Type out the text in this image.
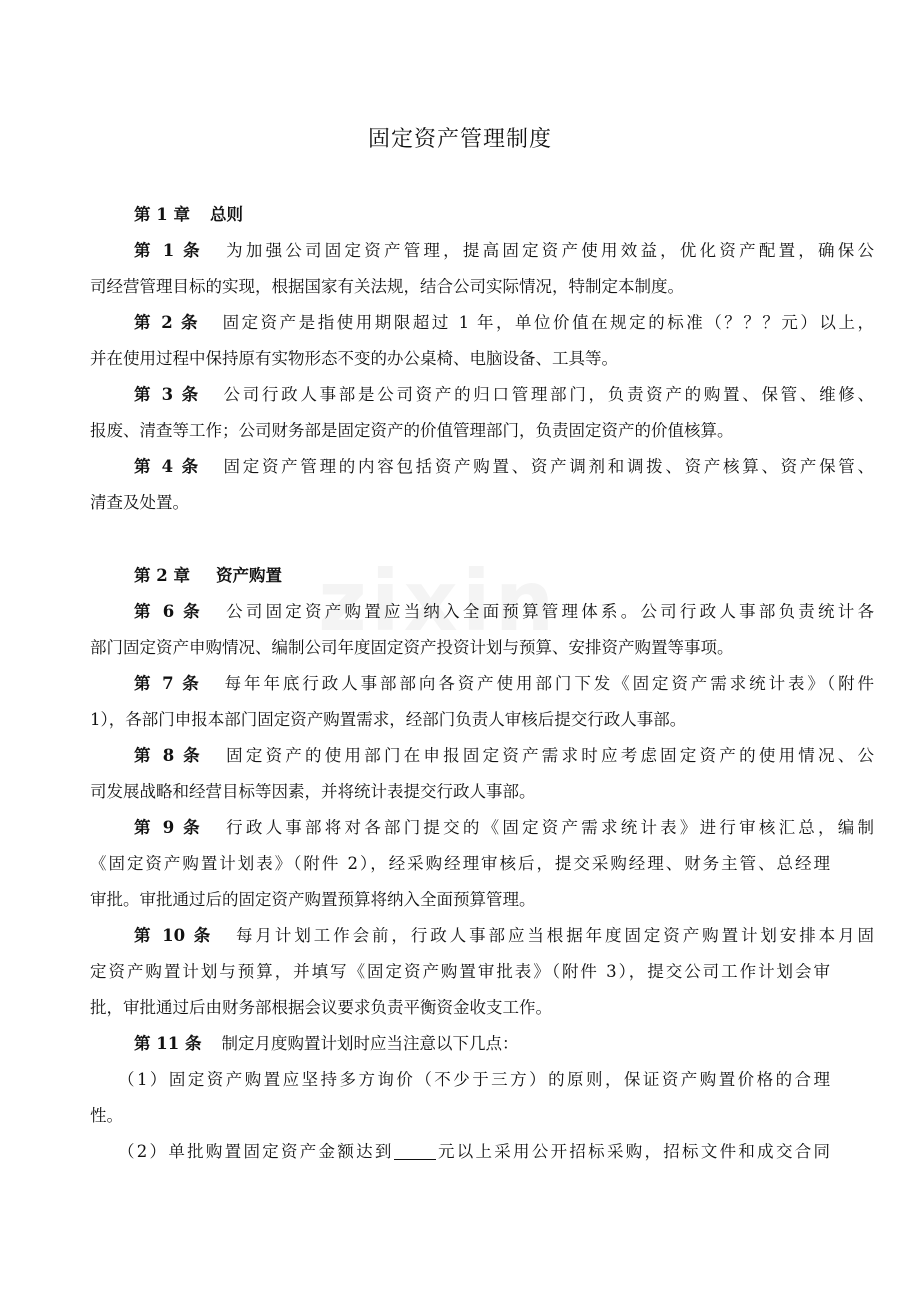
固定资产管理制度

第 1 章 总则

第 1 条 为加强公司固定资产管理，提高固定资产使用效益，优化资产配置，确保公

司经营管理目标的实现，根据国家有关法规，结合公司实际情况，特制定本制度。

第 2 条 固定资产是指使用期限超过 1 年，单位价值在规定的标准（？？？元）以上，

并在使用过程中保持原有实物形态不变的办公桌椅、电脑设备、工具等。

第 3 条 公司行政人事部是公司资产的归口管理部门，负责资产的购置、保管、维修、

报废、清查等工作；公司财务部是固定资产的价值管理部门，负责固定资产的价值核算。

第 4 条 固定资产管理的内容包括资产购置、资产调剂和调拨、资产核算、资产保管、

清查及处置。

第 2 章 资产购置

第 6 条 公司固定资产购置应当纳入全面预算管理体系。公司行政人事部负责统计各

部门固定资产申购情况、编制公司年度固定资产投资计划与预算、安排资产购置等事项。

第 7 条 每年年底行政人事部部向各资产使用部门下发《固定资产需求统计表》（附件

1），各部门申报本部门固定资产购置需求，经部门负责人审核后提交行政人事部。

第 8 条 固定资产的使用部门在申报固定资产需求时应考虑固定资产的使用情况、公

司发展战略和经营目标等因素，并将统计表提交行政人事部。

第 9 条 行政人事部将对各部门提交的《固定资产需求统计表》进行审核汇总，编制

《固定资产购置计划表》（附件 2），经采购经理审核后，提交采购经理、财务主管、总经理

审批。审批通过后的固定资产购置预算将纳入全面预算管理。

第 10 条 每月计划工作会前，行政人事部应当根据年度固定资产购置计划安排本月固

定资产购置计划与预算，并填写《固定资产购置审批表》（附件 3），提交公司工作计划会审

批，审批通过后由财务部根据会议要求负责平衡资金收支工作。

第 11 条 制定月度购置计划时应当注意以下几点：

（1）固定资产购置应坚持多方询价（不少于三方）的原则，保证资产购置价格的合理

性。

（2）单批购置固定资产金额达到	元以上采用公开招标采购，招标文件和成交合同
